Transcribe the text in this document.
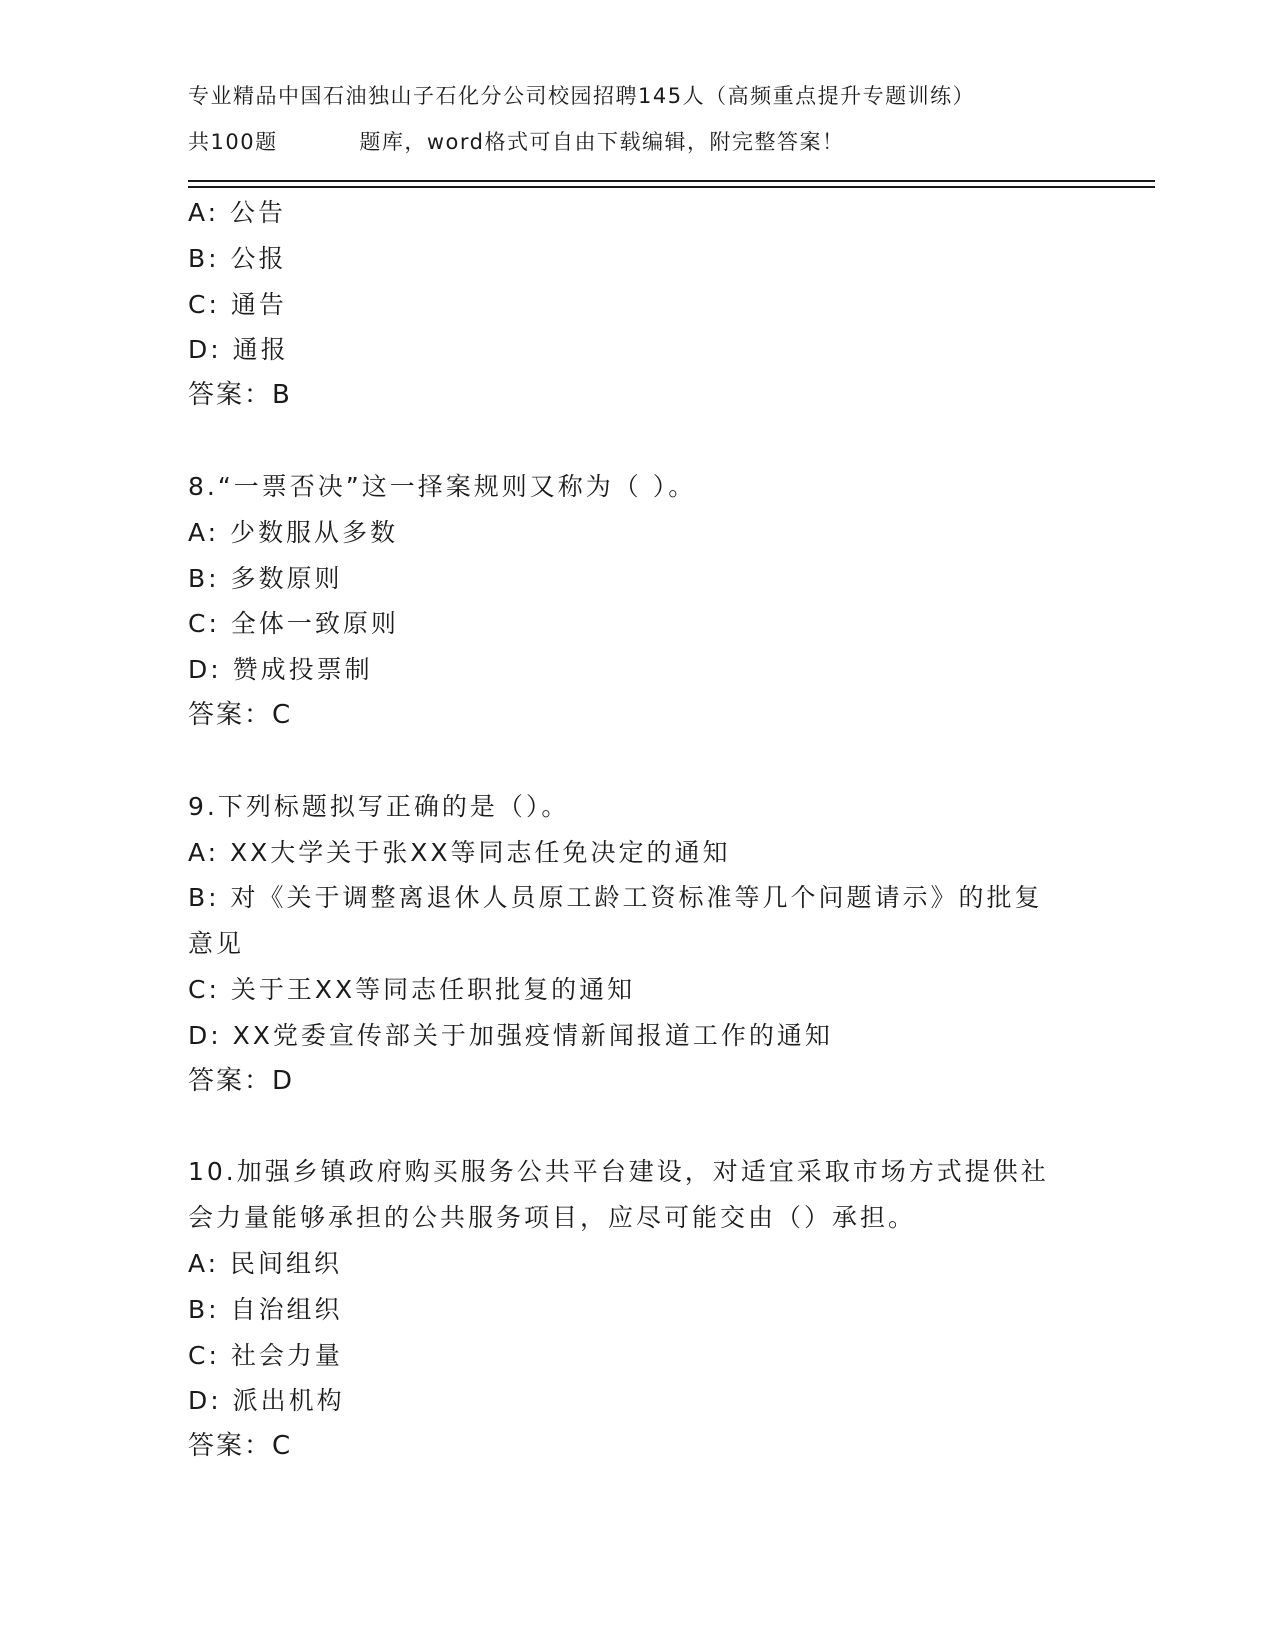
专业精品中国石油独山子石化分公司校园招聘145人（高频重点提升专题训练）
共100题          题库，word格式可自由下载编辑，附完整答案！
A: 公告
B: 公报
C: 通告
D: 通报
答案：B
8.“一票否决”这一择案规则又称为（ ）。
A: 少数服从多数
B: 多数原则
C: 全体一致原则
D: 赞成投票制
答案：C
9.下列标题拟写正确的是（）。
A: XX大学关于张XX等同志任免决定的通知
B: 对《关于调整离退休人员原工龄工资标准等几个问题请示》的批复
意见
C: 关于王XX等同志任职批复的通知
D: XX党委宣传部关于加强疫情新闻报道工作的通知
答案：D
10.加强乡镇政府购买服务公共平台建设，对适宜采取市场方式提供社
会力量能够承担的公共服务项目，应尽可能交由（）承担。
A: 民间组织
B: 自治组织
C: 社会力量
D: 派出机构
答案：C
